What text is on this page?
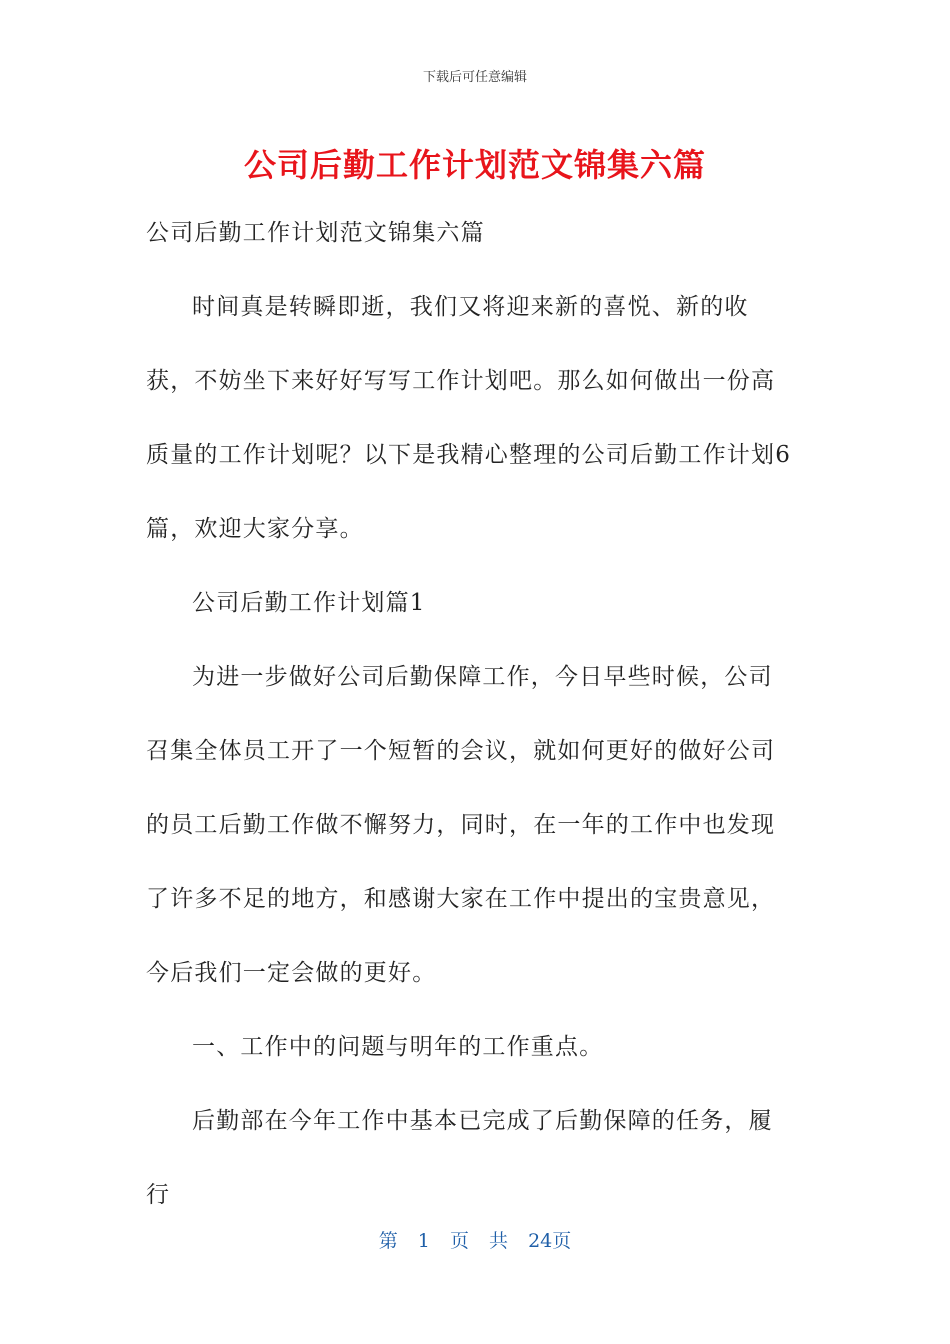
下载后可任意编辑
公司后勤工作计划范文锦集六篇

公司后勤工作计划范文锦集六篇

时间真是转瞬即逝，我们又将迎来新的喜悦、新的收获，不妨坐下来好好写写工作计划吧。那么如何做出一份高质量的工作计划呢？以下是我精心整理的公司后勤工作计划6篇，欢迎大家分享。

公司后勤工作计划篇1

为进一步做好公司后勤保障工作，今日早些时候，公司召集全体员工开了一个短暂的会议，就如何更好的做好公司的员工后勤工作做不懈努力，同时，在一年的工作中也发现了许多不足的地方，和感谢大家在工作中提出的宝贵意见，今后我们一定会做的更好。

一、工作中的问题与明年的工作重点。

后勤部在今年工作中基本已完成了后勤保障的任务，履行

第 1 页 共 24页
